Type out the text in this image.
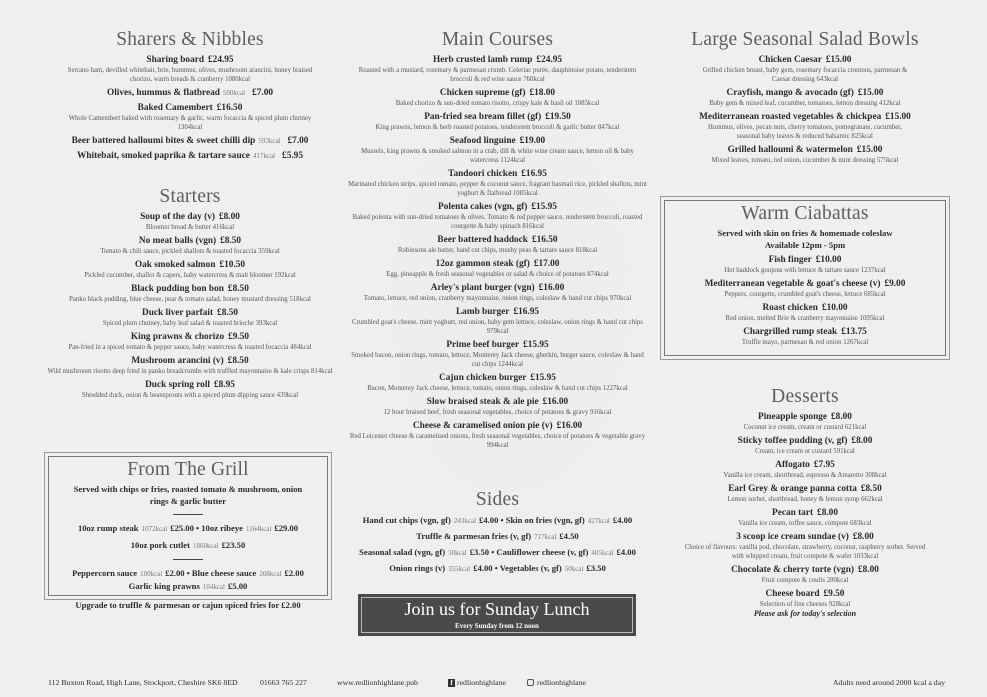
Sharers & Nibbles
Sharing board £24.95
Serrano ham, devilled whitebait, brie, hummus, olives, mushroom arancini, honey braised chorizo, warm breads & cranberry 1080kcal
Olives, hummus & flatbread 500kcal £7.00
Baked Camembert £16.50
Whole Camembert baked with rosemary & garlic, warm focaccia & spiced plum chutney 1304kcal
Beer battered halloumi bites & sweet chilli dip 593kcal £7.00
Whitebait, smoked paprika & tartare sauce 417kcal £5.95
Starters
Soup of the day (v) £8.00
Bloomer bread & butter 416kcal
No meat balls (vgn) £8.50
Tomato & chili sauce, pickled shallots & toasted focaccia 359kcal
Oak smoked salmon £10.50
Pickled cucumber, shallot & capers, baby watercress & malt bloomer 192kcal
Black pudding bon bon £8.50
Panko black pudding, blue cheese, pear & tomato salad, honey mustard dressing 518kcal
Duck liver parfait £8.50
Spiced plum chutney, baby leaf salad & toasted brioche 393kcal
King prawns & chorizo £9.50
Pan-fried in a spiced tomato & pepper sauce, baby watercress & toasted focaccia 484kcal
Mushroom arancini (v) £8.50
Wild mushroom risotto deep fried in panko breadcrumbs with truffled mayonnaise & kale crisps 814kcal
Duck spring roll £8.95
Shredded duck, onion & beansprouts with a spiced plum dipping sauce 439kcal
From The Grill
Served with chips or fries, roasted tomato & mushroom, onion rings & garlic butter
10oz rump steak 1072kcal £25.00 • 10oz ribeye 1164kcal £29.00
10oz pork cutlet 1860kcal £23.50
Peppercorn sauce 100kcal £2.00 • Blue cheese sauce 208kcal £2.00
Garlic king prawns 104kcal £5.00
Upgrade to truffle & parmesan or cajun spiced fries for £2.00
Main Courses
Herb crusted lamb rump £24.95
Roasted with a mustard, rosemary & parmesan crumb. Celeriac purée, dauphinoise potato, tenderstem broccoli & red wine sauce 760kcal
Chicken supreme (gf) £18.00
Baked chorizo & sun-dried tomato risotto, crispy kale & basil oil 1085kcal
Pan-fried sea bream fillet (gf) £19.50
King prawns, lemon & herb roasted potatoes, tenderstem broccoli & garlic butter 847kcal
Seafood linguine £19.00
Mussels, king prawns & smoked salmon in a crab, dill & white wine cream sauce, lemon oil & baby watercress 1124kcal
Tandoori chicken £16.95
Marinated chicken strips, spiced tomato, pepper & coconut sauce, fragrant basmati rice, pickled shallots, mint yoghurt & flatbread 1085kcal
Polenta cakes (vgn, gf) £15.95
Baked polenta with sun-dried tomatoes & olives. Tomato & red pepper sauce, tenderstem broccoli, roasted courgette & baby spinach 816kcal
Beer battered haddock £16.50
Robinsons ale batter, hand cut chips, mushy peas & tartare sauce 818kcal
12oz gammon steak (gf) £17.00
Egg, pineapple & fresh seasonal vegetables or salad & choice of potatoes 874kcal
Arley's plant burger (vgn) £16.00
Tomato, lettuce, red onion, cranberry mayonnaise, onion rings, coleslaw & hand cut chips 970kcal
Lamb burger £16.95
Crumbled goat's cheese, mint yoghurt, red onion, baby gem lettuce, coleslaw, onion rings & hand cut chips 979kcal
Prime beef burger £15.95
Smoked bacon, onion rings, tomato, lettuce, Monterey Jack cheese, gherkin, burger sauce, coleslaw & hand cut chips 1244kcal
Cajun chicken burger £15.95
Bacon, Monterey Jack cheese, lettuce, tomato, onion rings, coleslaw & hand cut chips 1227kcal
Slow braised steak & ale pie £16.00
12 hour braised beef, fresh seasonal vegetables, choice of potatoes & gravy 916kcal
Cheese & caramelised onion pie (v) £16.00
Red Leicester cheese & caramelised onions, fresh seasonal vegetables, choice of potatoes & vegetable gravy 994kcal
Sides
Hand cut chips (vgn, gf) 243kcal £4.00 • Skin on fries (vgn, gf) 427kcal £4.00
Truffle & parmesan fries (v, gf) 717kcal £4.50
Seasonal salad (vgn, gf) 30kcal £3.50 • Cauliflower cheese (v, gf) 405kcal £4.00
Onion rings (v) 355kcal £4.00 • Vegetables (v, gf) 50kcal £3.50
Join us for Sunday Lunch
Every Sunday from 12 noon
Large Seasonal Salad Bowls
Chicken Caesar £15.00
Grilled chicken breast, baby gem, rosemary focaccia croutons, parmesan & Caesar dressing 643kcal
Crayfish, mango & avocado (gf) £15.00
Baby gem & mixed leaf, cucumber, tomatoes, lemon dressing 412kcal
Mediterranean roasted vegetables & chickpea £15.00
Hummus, olives, pecan nuts, cherry tomatoes, pomegranate, cucumber, seasonal baby leaves & reduced balsamic 825kcal
Grilled halloumi & watermelon £15.00
Mixed leaves, tomato, red onion, cucumber & mint dressing 575kcal
Warm Ciabattas
Served with skin on fries & homemade coleslaw
Available 12pm - 5pm
Fish finger £10.00
Hot haddock goujons with lettuce & tartare sauce 1237kcal
Mediterranean vegetable & goat's cheese (v) £9.00
Peppers, courgette, crumbled goat's cheese, lettuce 685kcal
Roast chicken £10.00
Red onion, melted Brie & cranberry mayonnaise 1095kcal
Chargrilled rump steak £13.75
Truffle mayo, parmesan & red onion 1267kcal
Desserts
Pineapple sponge £8.00
Coconut ice cream, cream or custard 621kcal
Sticky toffee pudding (v, gf) £8.00
Cream, ice cream or custard 591kcal
Affogato £7.95
Vanilla ice cream, shortbread, espresso & Amaretto 308kcal
Earl Grey & orange panna cotta £8.50
Lemon sorbet, shortbread, honey & lemon syrup 662kcal
Pecan tart £8.00
Vanilla ice cream, toffee sauce, compote 683kcal
3 scoop ice cream sundae (v) £8.00
Choice of flavours: vanilla pod, chocolate, strawberry, coconut, raspberry sorbet. Served with whipped cream, fruit compote & wafer 1033kcal
Chocolate & cherry torte (vgn) £8.00
Fruit compote & coulis 280kcal
Cheese board £9.50
Selection of fine cheeses 928kcal
Please ask for today's selection
112 Buxton Road, High Lane, Stockport, Cheshire SK6 8ED	01663 765 227	www.redlionhighlane.pub	f redlionhighlane	redlionhighlane	Adults need around 2000 kcal a day
